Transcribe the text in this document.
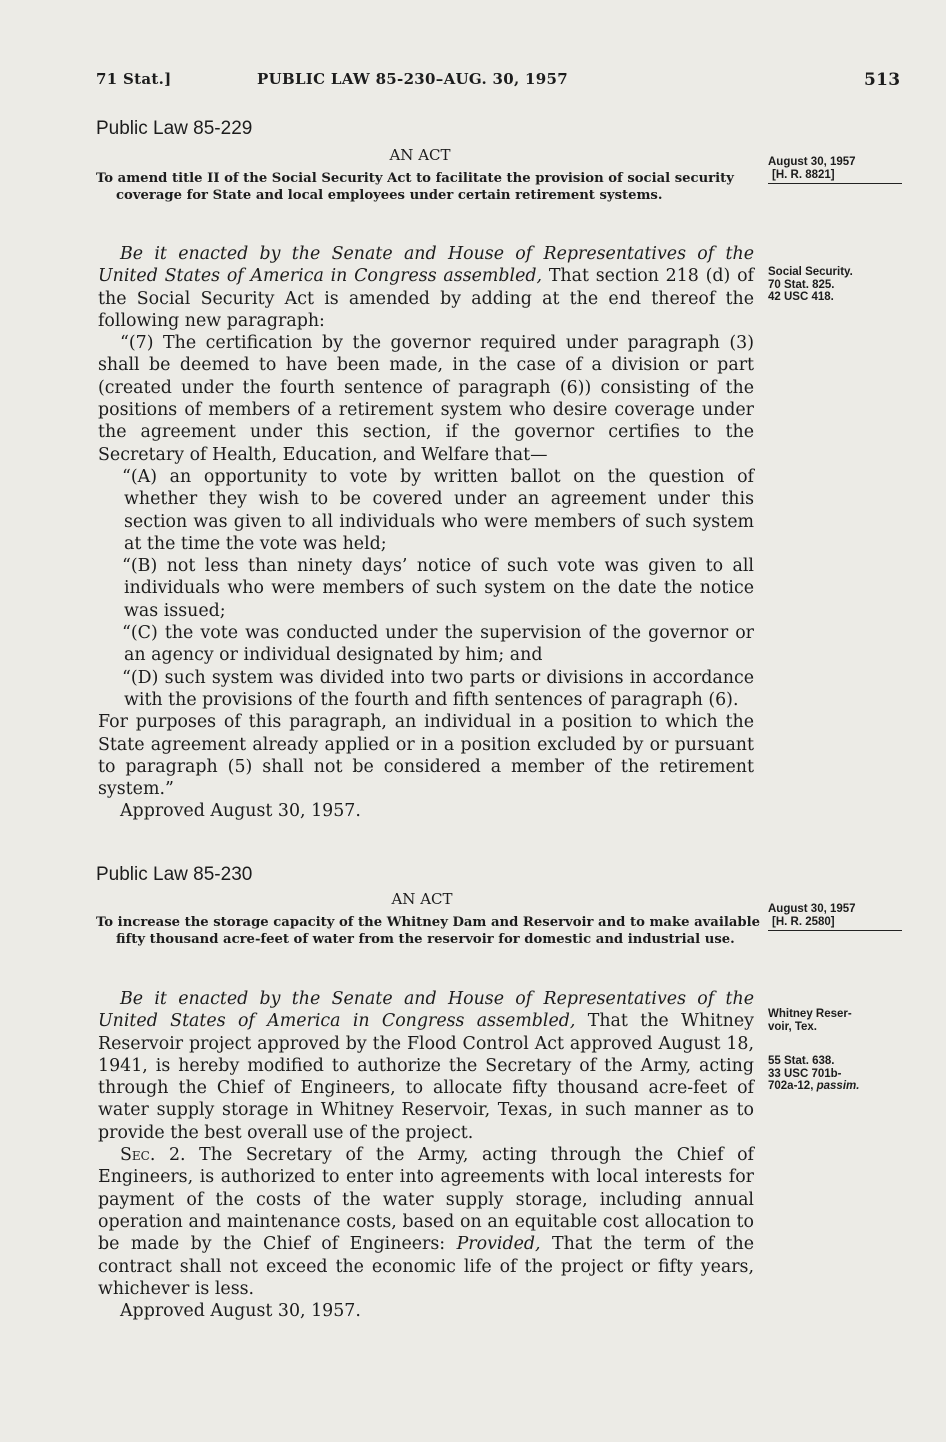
71 Stat.]	PUBLIC LAW 85-230–AUG. 30, 1957	513
Public Law 85-229
AN ACT
To amend title II of the Social Security Act to facilitate the provision of social security coverage for State and local employees under certain retirement systems.
August 30, 1957
[H. R. 8821]
Social Security.
70 Stat. 825.
42 USC 418.

Be it enacted by the Senate and House of Representatives of the United States of America in Congress assembled, That section 218 (d) of the Social Security Act is amended by adding at the end thereof the following new paragraph:

“(7) The certification by the governor required under paragraph (3) shall be deemed to have been made, in the case of a division or part (created under the fourth sentence of paragraph (6)) consisting of the positions of members of a retirement system who desire coverage under the agreement under this section, if the governor certifies to the Secretary of Health, Education, and Welfare that—

“(A) an opportunity to vote by written ballot on the question of whether they wish to be covered under an agreement under this section was given to all individuals who were members of such system at the time the vote was held;

“(B) not less than ninety days’ notice of such vote was given to all individuals who were members of such system on the date the notice was issued;

“(C) the vote was conducted under the supervision of the governor or an agency or individual designated by him; and

“(D) such system was divided into two parts or divisions in accordance with the provisions of the fourth and fifth sentences of paragraph (6).

For purposes of this paragraph, an individual in a position to which the State agreement already applied or in a position excluded by or pursuant to paragraph (5) shall not be considered a member of the retirement system.”

Approved August 30, 1957.

Public Law 85-230
AN ACT
To increase the storage capacity of the Whitney Dam and Reservoir and to make available fifty thousand acre-feet of water from the reservoir for domestic and industrial use.
August 30, 1957
[H. R. 2580]
Whitney Reser-
voir, Tex.
55 Stat. 638.
33 USC 701b-
702a-12, passim.

Be it enacted by the Senate and House of Representatives of the United States of America in Congress assembled, That the Whitney Reservoir project approved by the Flood Control Act approved August 18, 1941, is hereby modified to authorize the Secretary of the Army, acting through the Chief of Engineers, to allocate fifty thousand acre-feet of water supply storage in Whitney Reservoir, Texas, in such manner as to provide the best overall use of the project.

Sec. 2. The Secretary of the Army, acting through the Chief of Engineers, is authorized to enter into agreements with local interests for payment of the costs of the water supply storage, including annual operation and maintenance costs, based on an equitable cost allocation to be made by the Chief of Engineers: Provided, That the term of the contract shall not exceed the economic life of the project or fifty years, whichever is less.

Approved August 30, 1957.
